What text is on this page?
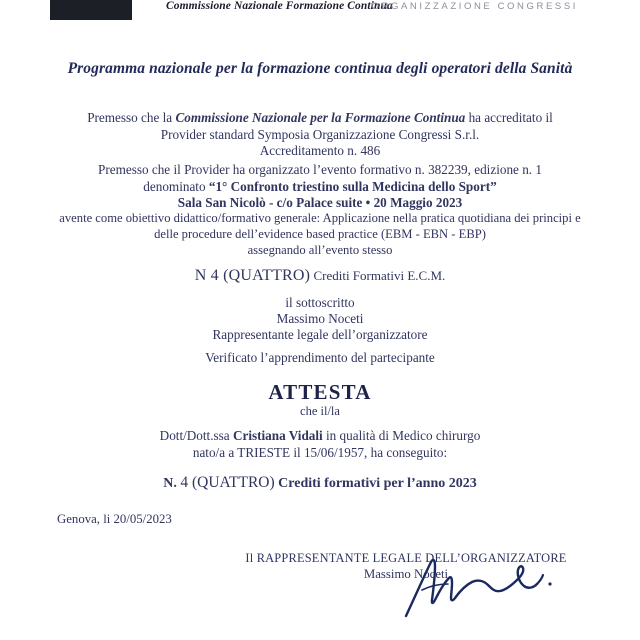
Commissione Nazionale Formazione Continua
ORGANIZZAZIONE CONGRESSI
Programma nazionale per la formazione continua degli operatori della Sanità
Premesso che la Commissione Nazionale per la Formazione Continua ha accreditato il
Provider standard Symposia Organizzazione Congressi S.r.l.
Accreditamento n. 486
Premesso che il Provider ha organizzato l’evento formativo n. 382239, edizione n. 1
denominato “1° Confronto triestino sulla Medicina dello Sport”
Sala San Nicolò - c/o Palace suite • 20 Maggio 2023
avente come obiettivo didattico/formativo generale: Applicazione nella pratica quotidiana dei principi e
delle procedure dell’evidence based practice (EBM - EBN - EBP)
assegnando all’evento stesso
N 4 (QUATTRO) Crediti Formativi E.C.M.
il sottoscritto
Massimo Noceti
Rappresentante legale dell’organizzatore
Verificato l’apprendimento del partecipante
ATTESTA
che il/la
Dott/Dott.ssa Cristiana Vidali in qualità di Medico chirurgo
nato/a a TRIESTE il 15/06/1957, ha conseguito:
N. 4 (QUATTRO) Crediti formativi per l’anno 2023
Genova, li 20/05/2023
Il RAPPRESENTANTE LEGALE DELL’ORGANIZZATORE
Massimo Noceti
